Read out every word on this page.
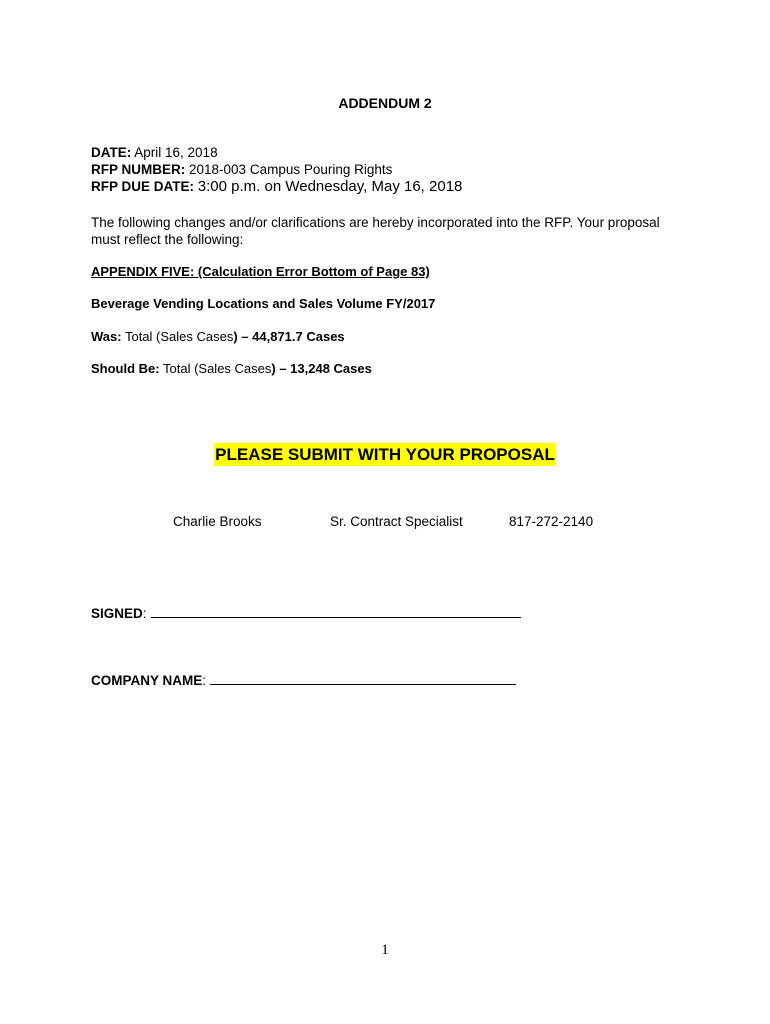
ADDENDUM 2
DATE: April 16, 2018
RFP NUMBER: 2018-003 Campus Pouring Rights
RFP DUE DATE: 3:00 p.m. on Wednesday, May 16, 2018
The following changes and/or clarifications are hereby incorporated into the RFP. Your proposal must reflect the following:
APPENDIX FIVE: (Calculation Error Bottom of Page 83)
Beverage Vending Locations and Sales Volume FY/2017
Was: Total (Sales Cases) – 44,871.7 Cases
Should Be: Total (Sales Cases) – 13,248 Cases
PLEASE SUBMIT WITH YOUR PROPOSAL
Charlie Brooks	Sr. Contract Specialist	817-272-2140
SIGNED:
COMPANY NAME:
1
